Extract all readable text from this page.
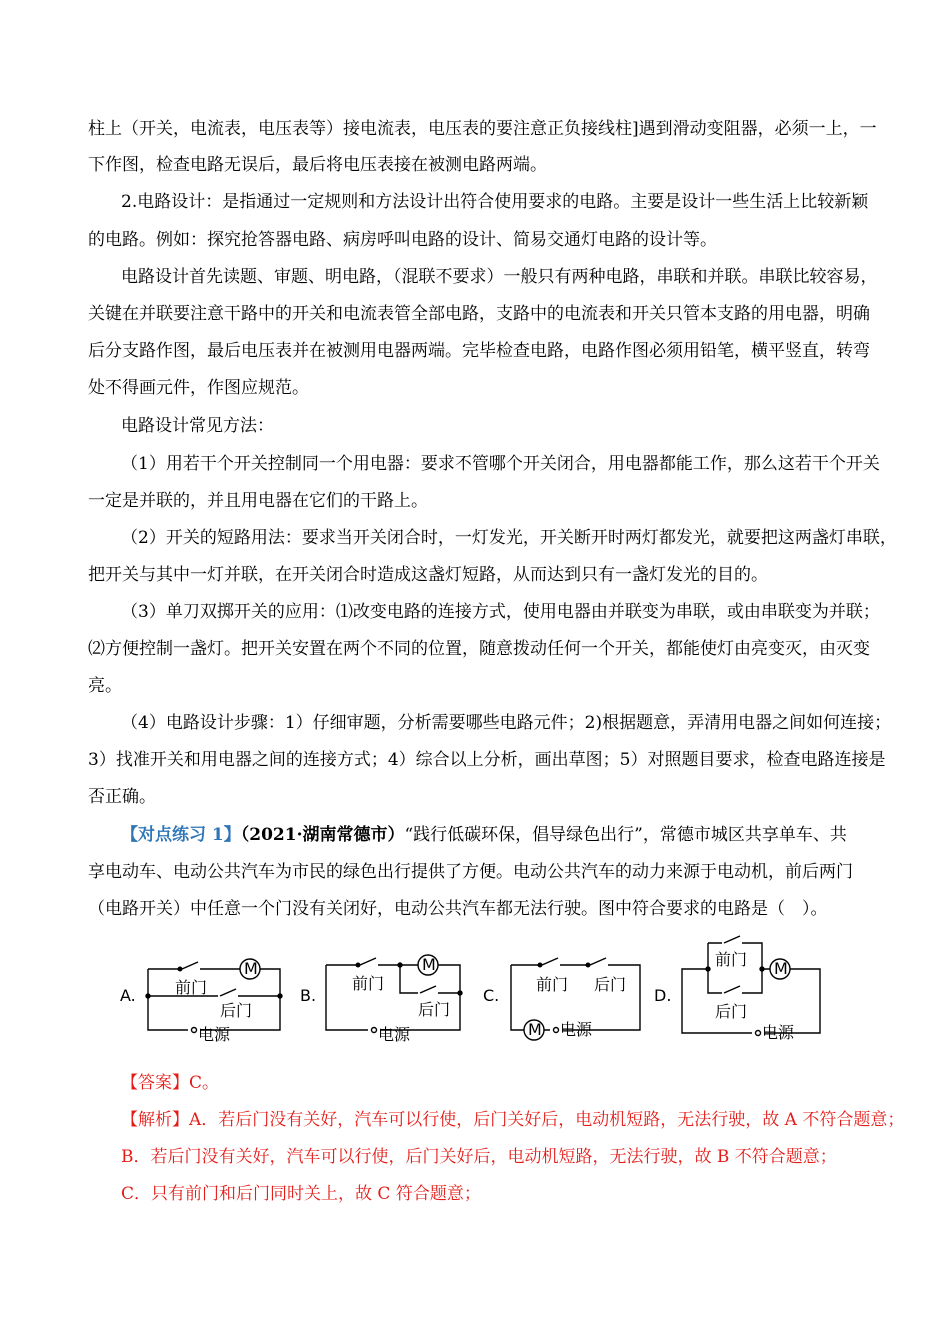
柱上（开关，电流表，电压表等）接电流表，电压表的要注意正负接线柱]遇到滑动变阻器，必须一上，一
下作图，检查电路无误后，最后将电压表接在被测电路两端。
2.电路设计：是指通过一定规则和方法设计出符合使用要求的电路。主要是设计一些生活上比较新颖
的电路。例如：探究抢答器电路、病房呼叫电路的设计、简易交通灯电路的设计等。
电路设计首先读题、审题、明电路，（混联不要求）一般只有两种电路，串联和并联。串联比较容易，
关键在并联要注意干路中的开关和电流表管全部电路，支路中的电流表和开关只管本支路的用电器，明确
后分支路作图，最后电压表并在被测用电器两端。完毕检查电路，电路作图必须用铅笔，横平竖直，转弯
处不得画元件，作图应规范。
电路设计常见方法：
（1）用若干个开关控制同一个用电器：要求不管哪个开关闭合，用电器都能工作，那么这若干个开关
一定是并联的，并且用电器在它们的干路上。
（2）开关的短路用法：要求当开关闭合时，一灯发光，开关断开时两灯都发光，就要把这两盏灯串联，
把开关与其中一灯并联，在开关闭合时造成这盏灯短路，从而达到只有一盏灯发光的目的。
（3）单刀双掷开关的应用：⑴改变电路的连接方式，使用电器由并联变为串联，或由串联变为并联；
⑵方便控制一盏灯。把开关安置在两个不同的位置，随意拨动任何一个开关，都能使灯由亮变灭，由灭变
亮。
（4）电路设计步骤：1）仔细审题，分析需要哪些电路元件；2)根据题意，弄清用电器之间如何连接；
3）找准开关和用电器之间的连接方式；4）综合以上分析，画出草图；5）对照题目要求，检查电路连接是
否正确。
【对点练习 1】（2021·湖南常德市）“践行低碳环保，倡导绿色出行”，常德市城区共享单车、共
享电动车、电动公共汽车为市民的绿色出行提供了方便。电动公共汽车的动力来源于电动机，前后两门
（电路开关）中任意一个门没有关闭好，电动公共汽车都无法行驶。图中符合要求的电路是（　）。
A. 前门
后门
电源
M
B.
前门
后门
电源
M
C.
前门 后门
电源
M
D.
前门
后门
电源
M
【答案】C。
【解析】A．若后门没有关好，汽车可以行使，后门关好后，电动机短路，无法行驶，故 A 不符合题意；
B．若后门没有关好，汽车可以行使，后门关好后，电动机短路，无法行驶，故 B 不符合题意；
C．只有前门和后门同时关上，故 C 符合题意；
